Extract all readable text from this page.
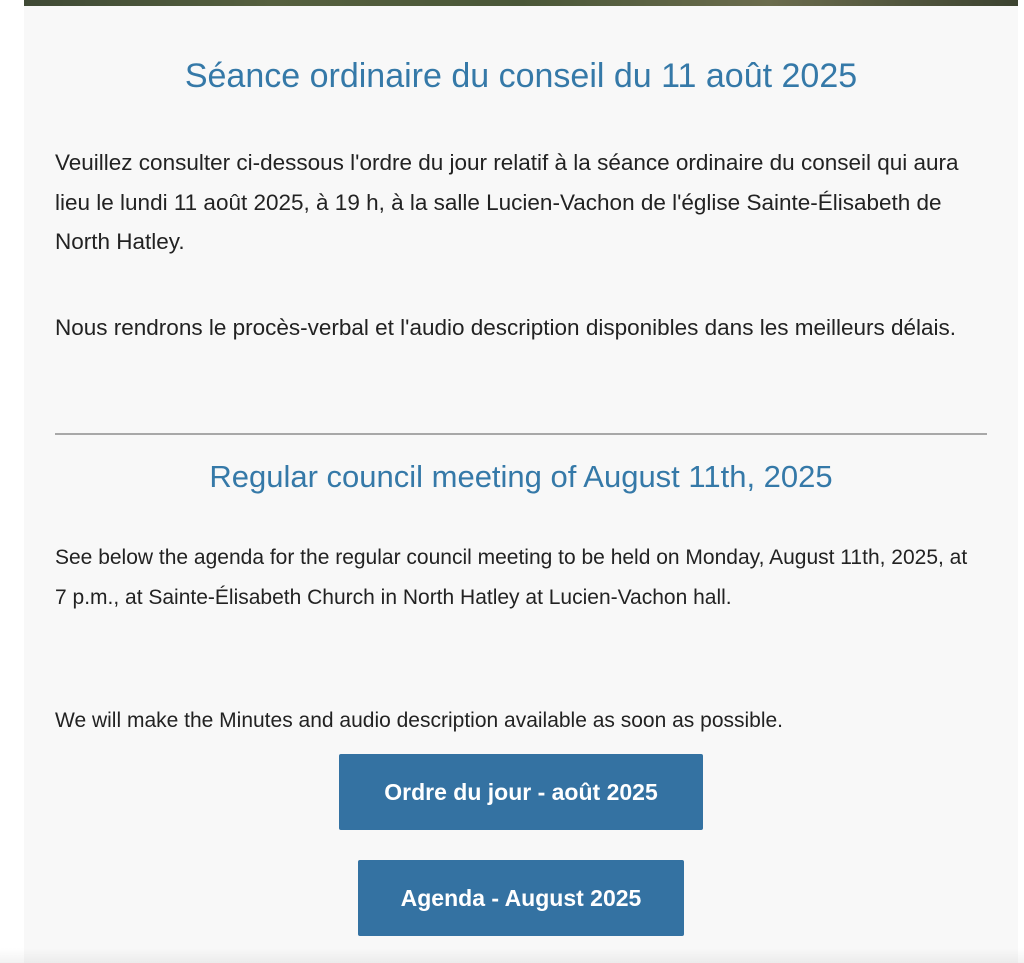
Séance ordinaire du conseil du 11 août 2025

Veuillez consulter ci-dessous l'ordre du jour relatif à la séance ordinaire du conseil qui aura lieu le lundi 11 août 2025, à 19 h, à la salle Lucien-Vachon de l'église Sainte-Élisabeth de North Hatley.

Nous rendrons le procès-verbal et l'audio description disponibles dans les meilleurs délais.

Regular council meeting of August 11th, 2025

See below the agenda for the regular council meeting to be held on Monday, August 11th, 2025, at 7 p.m., at Sainte-Élisabeth Church in North Hatley at Lucien-Vachon hall.

We will make the Minutes and audio description available as soon as possible.

Ordre du jour - août 2025
Agenda - August 2025
